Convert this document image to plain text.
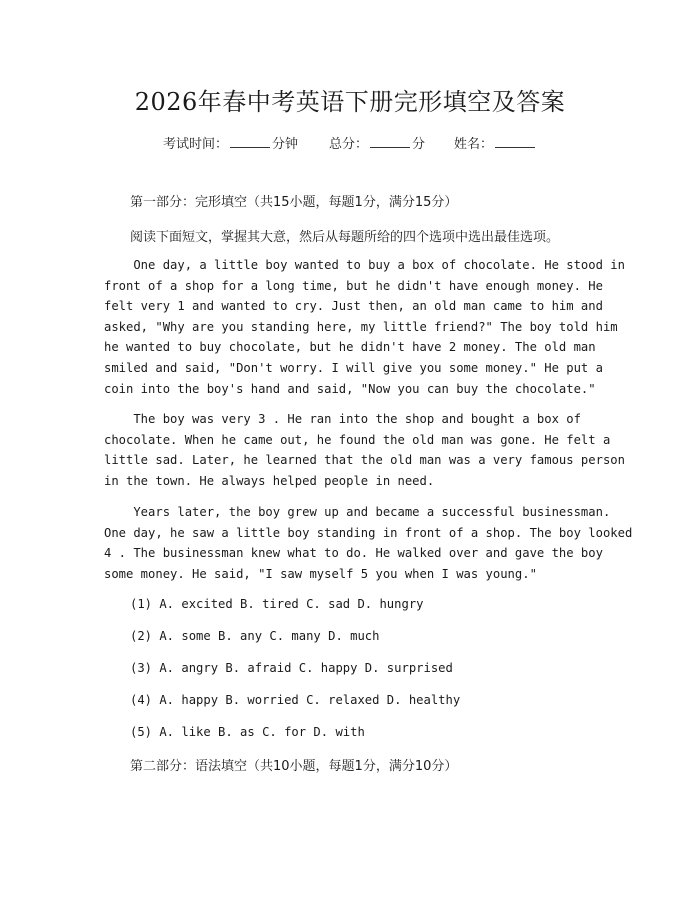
2026年春中考英语下册完形填空及答案
考试时间：	分钟 总分：	分 姓名：
第一部分：完形填空（共15小题，每题1分，满分15分）
阅读下面短文，掌握其大意，然后从每题所给的四个选项中选出最佳选项。
One day, a little boy wanted to buy a box of chocolate. He stood in
front of a shop for a long time, but he didn't have enough money. He
felt very 1 and wanted to cry. Just then, an old man came to him and
asked, "Why are you standing here, my little friend?" The boy told him
he wanted to buy chocolate, but he didn't have 2 money. The old man
smiled and said, "Don't worry. I will give you some money." He put a
coin into the boy's hand and said, "Now you can buy the chocolate."
The boy was very 3 . He ran into the shop and bought a box of
chocolate. When he came out, he found the old man was gone. He felt a
little sad. Later, he learned that the old man was a very famous person
in the town. He always helped people in need.
Years later, the boy grew up and became a successful businessman.
One day, he saw a little boy standing in front of a shop. The boy looked
4 . The businessman knew what to do. He walked over and gave the boy
some money. He said, "I saw myself 5 you when I was young."
(1) A. excited B. tired C. sad D. hungry
(2) A. some B. any C. many D. much
(3) A. angry B. afraid C. happy D. surprised
(4) A. happy B. worried C. relaxed D. healthy
(5) A. like B. as C. for D. with
第二部分：语法填空（共10小题，每题1分，满分10分）
